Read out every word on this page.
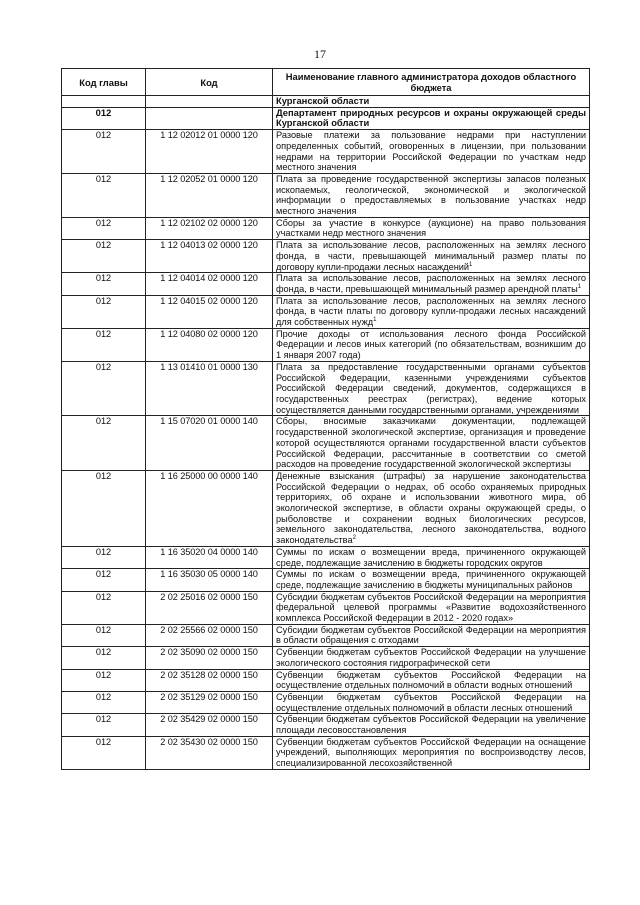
17
Код главы	Код	Наименование главного администратора доходов областного бюджета
		Курганской области
012		Департамент природных ресурсов и охраны окружающей среды Курганской области
012	1 12 02012 01 0000 120	Разовые платежи за пользование недрами при наступлении определенных событий, оговоренных в лицензии, при пользовании недрами на территории Российской Федерации по участкам недр местного значения
012	1 12 02052 01 0000 120	Плата за проведение государственной экспертизы запасов полезных ископаемых, геологической, экономической и экологической информации о предоставляемых в пользование участках недр местного значения
012	1 12 02102 02 0000 120	Сборы за участие в конкурсе (аукционе) на право пользования участками недр местного значения
012	1 12 04013 02 0000 120	Плата за использование лесов, расположенных на землях лесного фонда, в части, превышающей минимальный размер платы по договору купли-продажи лесных насаждений$^1$
012	1 12 04014 02 0000 120	Плата за использование лесов, расположенных на землях лесного фонда, в части, превышающей минимальный размер арендной платы$^1$
012	1 12 04015 02 0000 120	Плата за использование лесов, расположенных на землях лесного фонда, в части платы по договору купли-продажи лесных насаждений для собственных нужд$^1$
012	1 12 04080 02 0000 120	Прочие доходы от использования лесного фонда Российской Федерации и лесов иных категорий (по обязательствам, возникшим до 1 января 2007 года)
012	1 13 01410 01 0000 130	Плата за предоставление государственными органами субъектов Российской Федерации, казенными учреждениями субъектов Российской Федерации сведений, документов, содержащихся в государственных реестрах (регистрах), ведение которых осуществляется данными государственными органами, учреждениями
012	1 15 07020 01 0000 140	Сборы, вносимые заказчиками документации, подлежащей государственной экологической экспертизе, организация и проведение которой осуществляются органами государственной власти субъектов Российской Федерации, рассчитанные в соответствии со сметой расходов на проведение государственной экологической экспертизы
012	1 16 25000 00 0000 140	Денежные взыскания (штрафы) за нарушение законодательства Российской Федерации о недрах, об особо охраняемых природных территориях, об охране и использовании животного мира, об экологической экспертизе, в области охраны окружающей среды, о рыболовстве и сохранении водных биологических ресурсов, земельного законодательства, лесного законодательства, водного законодательства$^2$
012	1 16 35020 04 0000 140	Суммы по искам о возмещении вреда, причиненного окружающей среде, подлежащие зачислению в бюджеты городских округов
012	1 16 35030 05 0000 140	Суммы по искам о возмещении вреда, причиненного окружающей среде, подлежащие зачислению в бюджеты муниципальных районов
012	2 02 25016 02 0000 150	Субсидии бюджетам субъектов Российской Федерации на мероприятия федеральной целевой программы «Развитие водохозяйственного комплекса Российской Федерации в 2012 - 2020 годах»
012	2 02 25566 02 0000 150	Субсидии бюджетам субъектов Российской Федерации на мероприятия в области обращения с отходами
012	2 02 35090 02 0000 150	Субвенции бюджетам субъектов Российской Федерации на улучшение экологического состояния гидрографической сети
012	2 02 35128 02 0000 150	Субвенции бюджетам субъектов Российской Федерации на осуществление отдельных полномочий в области водных отношений
012	2 02 35129 02 0000 150	Субвенции бюджетам субъектов Российской Федерации на осуществление отдельных полномочий в области лесных отношений
012	2 02 35429 02 0000 150	Субвенции бюджетам субъектов Российской Федерации на увеличение площади лесовосстановления
012	2 02 35430 02 0000 150	Субвенции бюджетам субъектов Российской Федерации на оснащение учреждений, выполняющих мероприятия по воспроизводству лесов, специализированной лесохозяйственной
